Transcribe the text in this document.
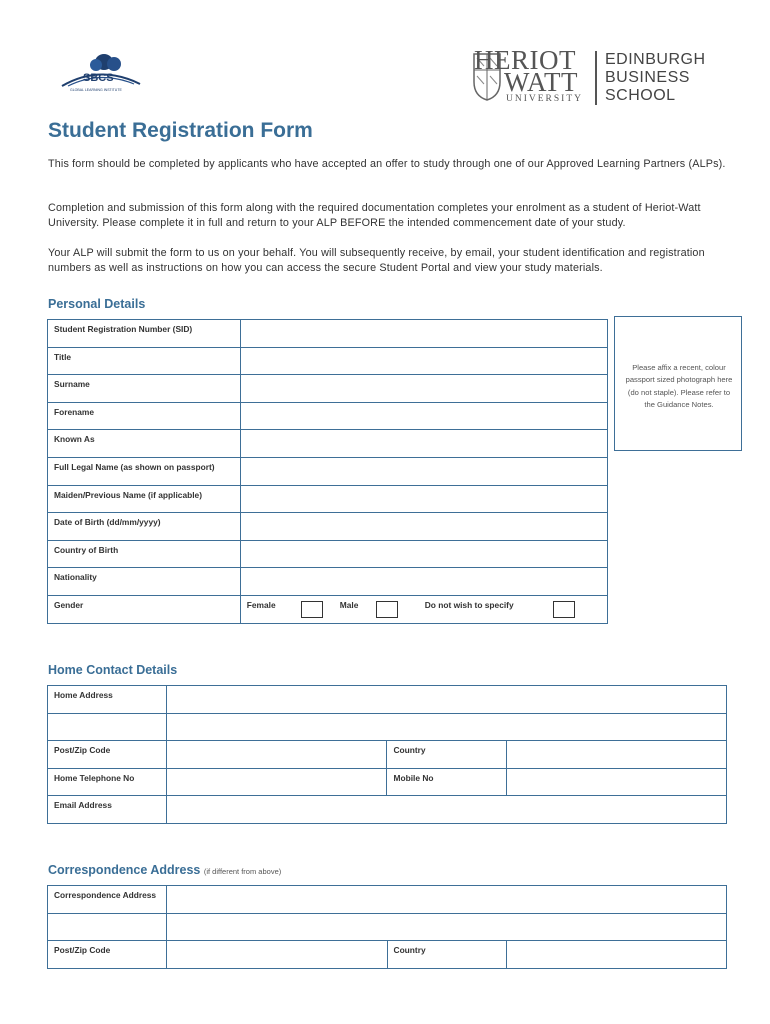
SBCS
GLOBAL LEARNING INSTITUTE
HERIOT
WATT
UNIVERSITY
EDINBURGH
BUSINESS
SCHOOL
Student Registration Form

This form should be completed by applicants who have accepted an offer to study through one of our Approved Learning Partners (ALPs).

Completion and submission of this form along with the required documentation completes your enrolment as a student of Heriot-Watt University. Please complete it in full and return to your ALP BEFORE the intended commencement date of your study.

Your ALP will submit the form to us on your behalf. You will subsequently receive, by email, your student identification and registration numbers as well as instructions on how you can access the secure Student Portal and view your study materials.

Personal Details
Student Registration Number (SID)	
Title	
Surname	
Forename	
Known As	
Full Legal Name (as shown on passport)	
Maiden/Previous Name (if applicable)	
Date of Birth (dd/mm/yyyy)	
Country of Birth	
Nationality	
Gender	Female Male Do not wish to specify
Please affix a recent, colour passport sized photograph here (do not staple). Please refer to the Guidance Notes.
Home Contact Details
Home Address			

Post/Zip Code		Country	
Home Telephone No		Mobile No	
Email Address			
Correspondence Address (if different from above)
Correspondence Address			

Post/Zip Code		Country	
